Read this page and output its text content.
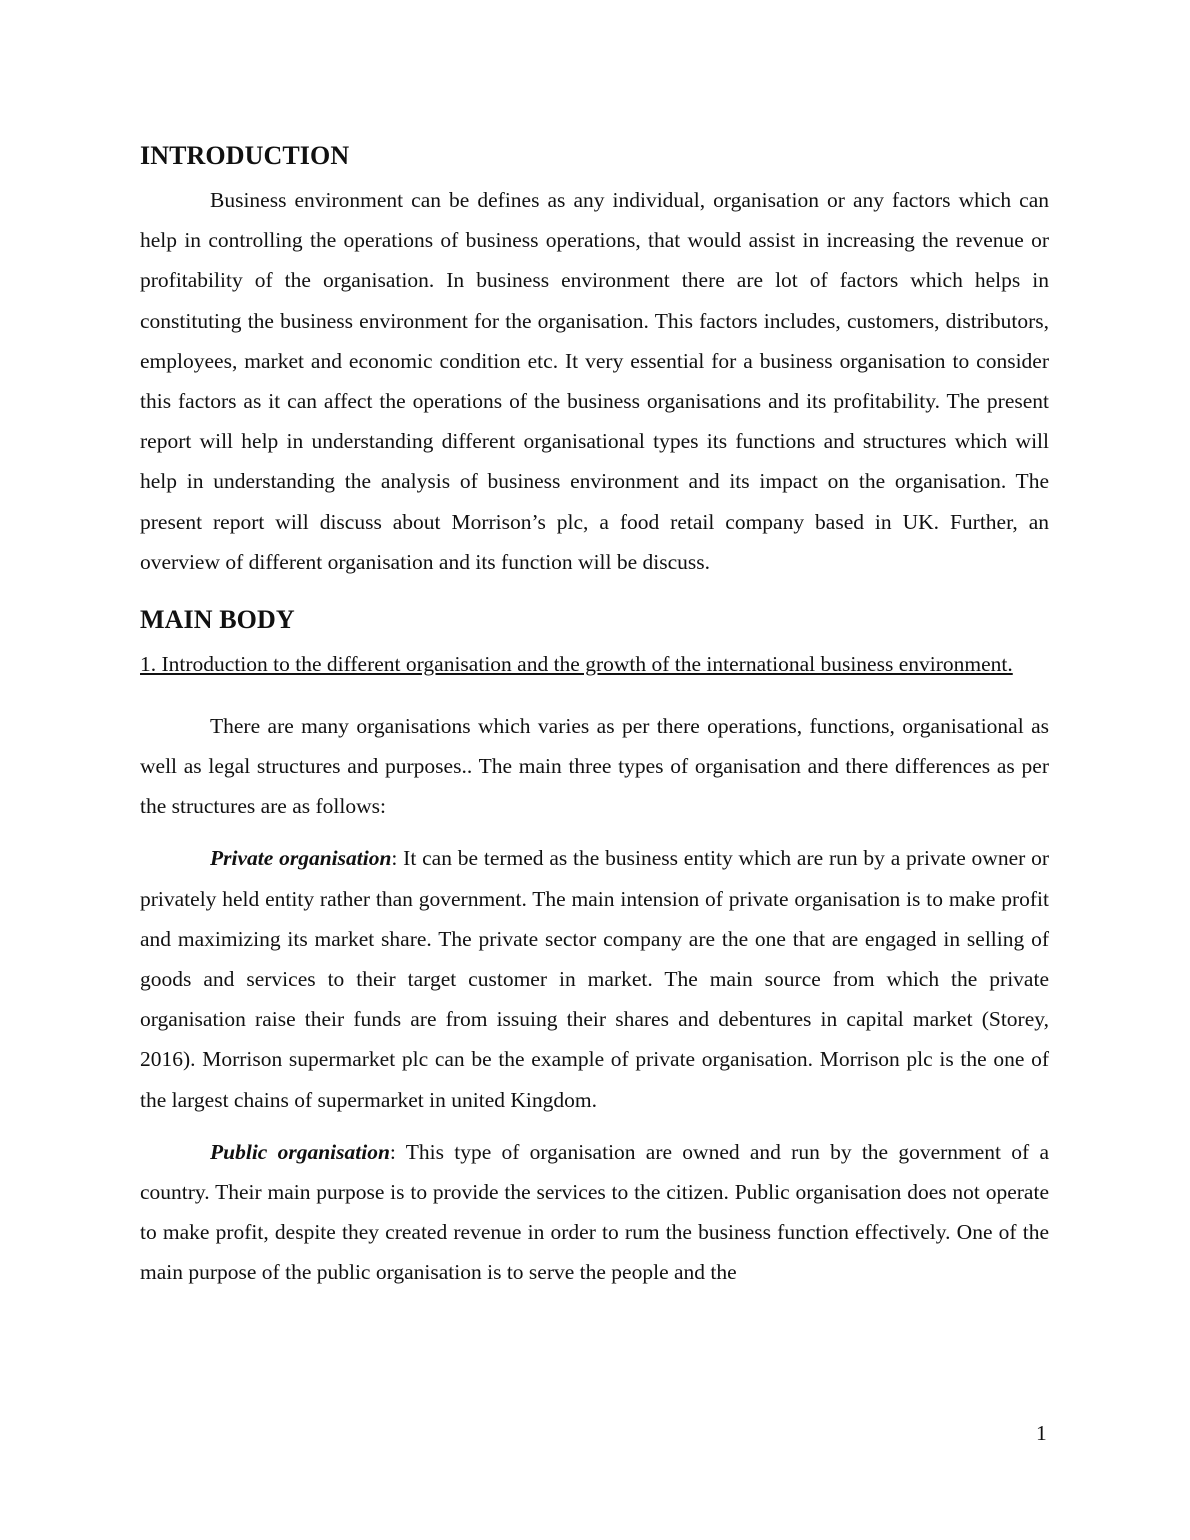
INTRODUCTION

Business environment can be defines as any individual, organisation or any factors which can help in controlling the operations of business operations, that would assist in increasing the revenue or profitability of the organisation. In business environment there are lot of factors which helps in constituting the business environment for the organisation. This factors includes, customers, distributors, employees, market and economic condition etc. It very essential for a business organisation to consider this factors as it can affect the operations of the business organisations and its profitability. The present report will help in understanding different organisational types its functions and structures which will help in understanding the analysis of business environment and its impact on the organisation. The present report will discuss about Morrison’s plc, a food retail company based in UK. Further, an overview of different organisation and its function will be discuss.

MAIN BODY

1. Introduction to the different organisation and the growth of the international business environment.

There are many organisations which varies as per there operations, functions, organisational as well as legal structures and purposes.. The main three types of organisation and there differences as per the structures are as follows:

Private organisation: It can be termed as the business entity which are run by a private owner or privately held entity rather than government. The main intension of private organisation is to make profit and maximizing its market share. The private sector company are the one that are engaged in selling of goods and services to their target customer in market. The main source from which the private organisation raise their funds are from issuing their shares and debentures in capital market (Storey, 2016). Morrison supermarket plc can be the example of private organisation. Morrison plc is the one of the largest chains of supermarket in united Kingdom.

Public organisation: This type of organisation are owned and run by the government of a country. Their main purpose is to provide the services to the citizen. Public organisation does not operate to make profit, despite they created revenue in order to rum the business function effectively. One of the main purpose of the public organisation is to serve the people and the

1
